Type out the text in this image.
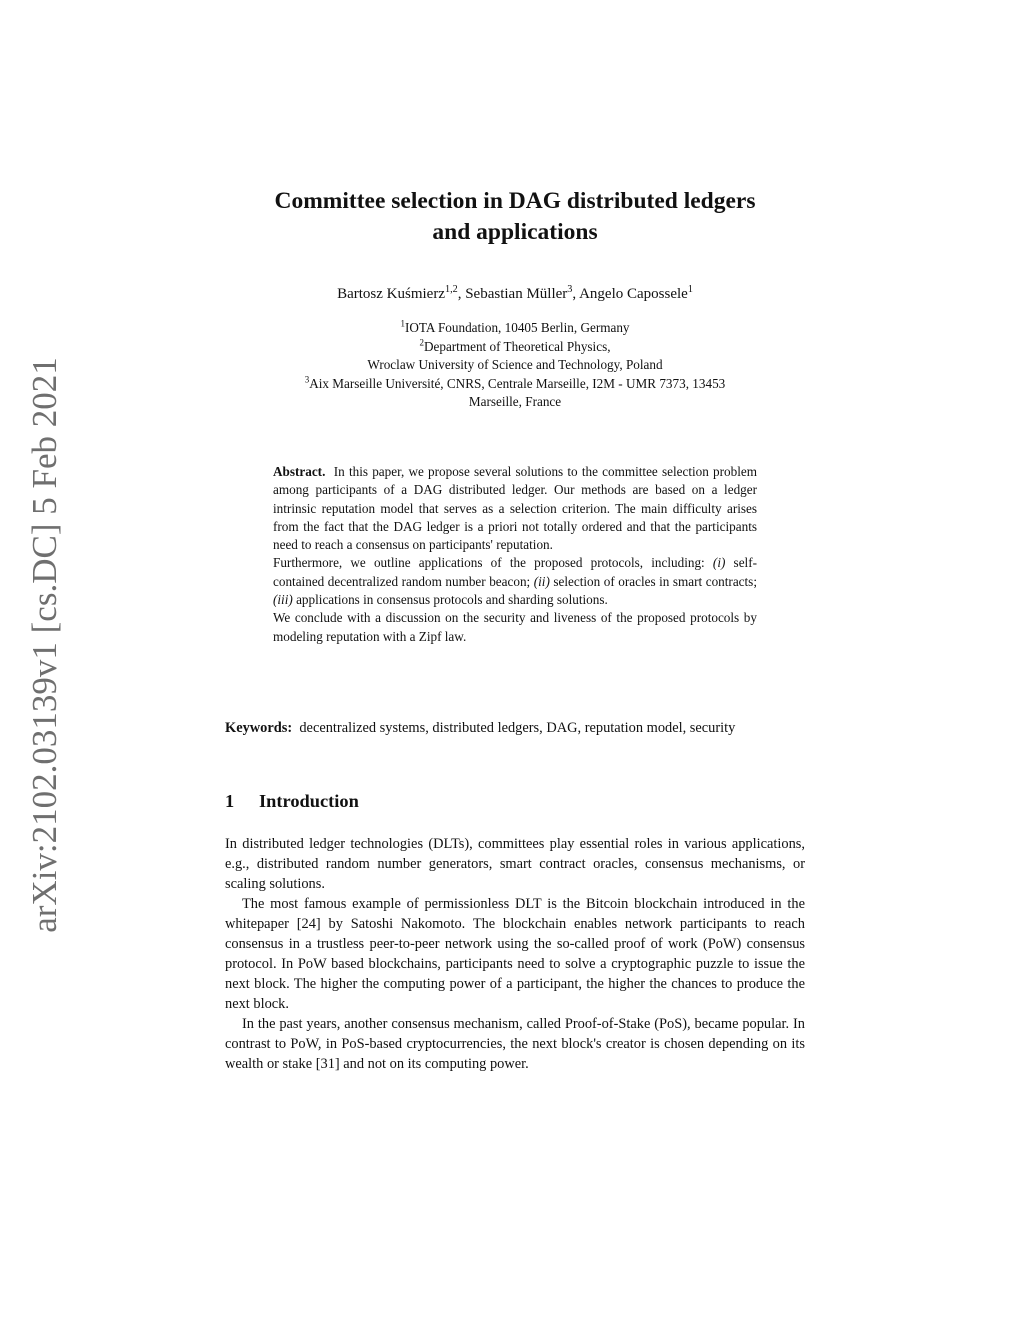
arXiv:2102.03139v1 [cs.DC] 5 Feb 2021
Committee selection in DAG distributed ledgers
and applications
Bartosz Kuśmierz$^{1,2}$, Sebastian Müller$^3$, Angelo Capossele$^1$
$^1$IOTA Foundation, 10405 Berlin, Germany
$^2$Department of Theoretical Physics,
Wroclaw University of Science and Technology, Poland
$^3$Aix Marseille Université, CNRS, Centrale Marseille, I2M - UMR 7373, 13453
Marseille, France

Abstract. In this paper, we propose several solutions to the committee selection problem among participants of a DAG distributed ledger. Our methods are based on a ledger intrinsic reputation model that serves as a selection criterion. The main difficulty arises from the fact that the DAG ledger is a priori not totally ordered and that the participants need to reach a consensus on participants' reputation.

Furthermore, we outline applications of the proposed protocols, including: (i) self-contained decentralized random number beacon; (ii) selection of oracles in smart contracts; (iii) applications in consensus protocols and sharding solutions.

We conclude with a discussion on the security and liveness of the proposed protocols by modeling reputation with a Zipf law.

Keywords: decentralized systems, distributed ledgers, DAG, reputation model, security
1 Introduction

In distributed ledger technologies (DLTs), committees play essential roles in various applications, e.g., distributed random number generators, smart contract oracles, consensus mechanisms, or scaling solutions.

The most famous example of permissionless DLT is the Bitcoin blockchain introduced in the whitepaper [24] by Satoshi Nakomoto. The blockchain enables network participants to reach consensus in a trustless peer-to-peer network using the so-called proof of work (PoW) consensus protocol. In PoW based blockchains, participants need to solve a cryptographic puzzle to issue the next block. The higher the computing power of a participant, the higher the chances to produce the next block.

In the past years, another consensus mechanism, called Proof-of-Stake (PoS), became popular. In contrast to PoW, in PoS-based cryptocurrencies, the next block's creator is chosen depending on its wealth or stake [31] and not on its computing power.
